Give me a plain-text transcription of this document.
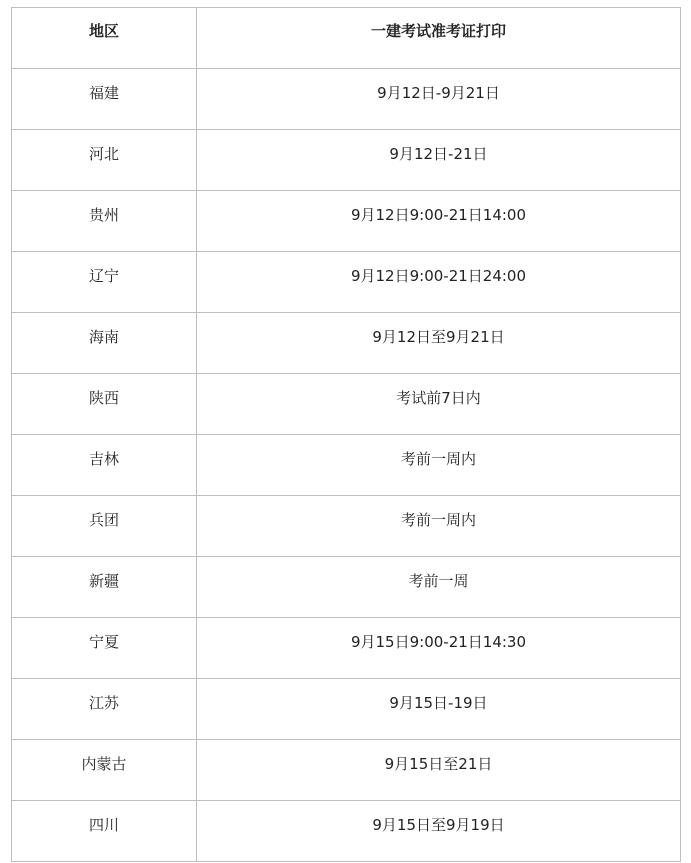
地区	一建考试准考证打印

福建	9月12日-9月21日

河北	9月12日-21日

贵州	9月12日9:00-21日14:00

辽宁	9月12日9:00-21日24:00

海南	9月12日至9月21日

陕西	考试前7日内

吉林	考前一周内

兵团	考前一周内

新疆	考前一周

宁夏	9月15日9:00-21日14:30

江苏	9月15日-19日

内蒙古	9月15日至21日

四川	9月15日至9月19日
